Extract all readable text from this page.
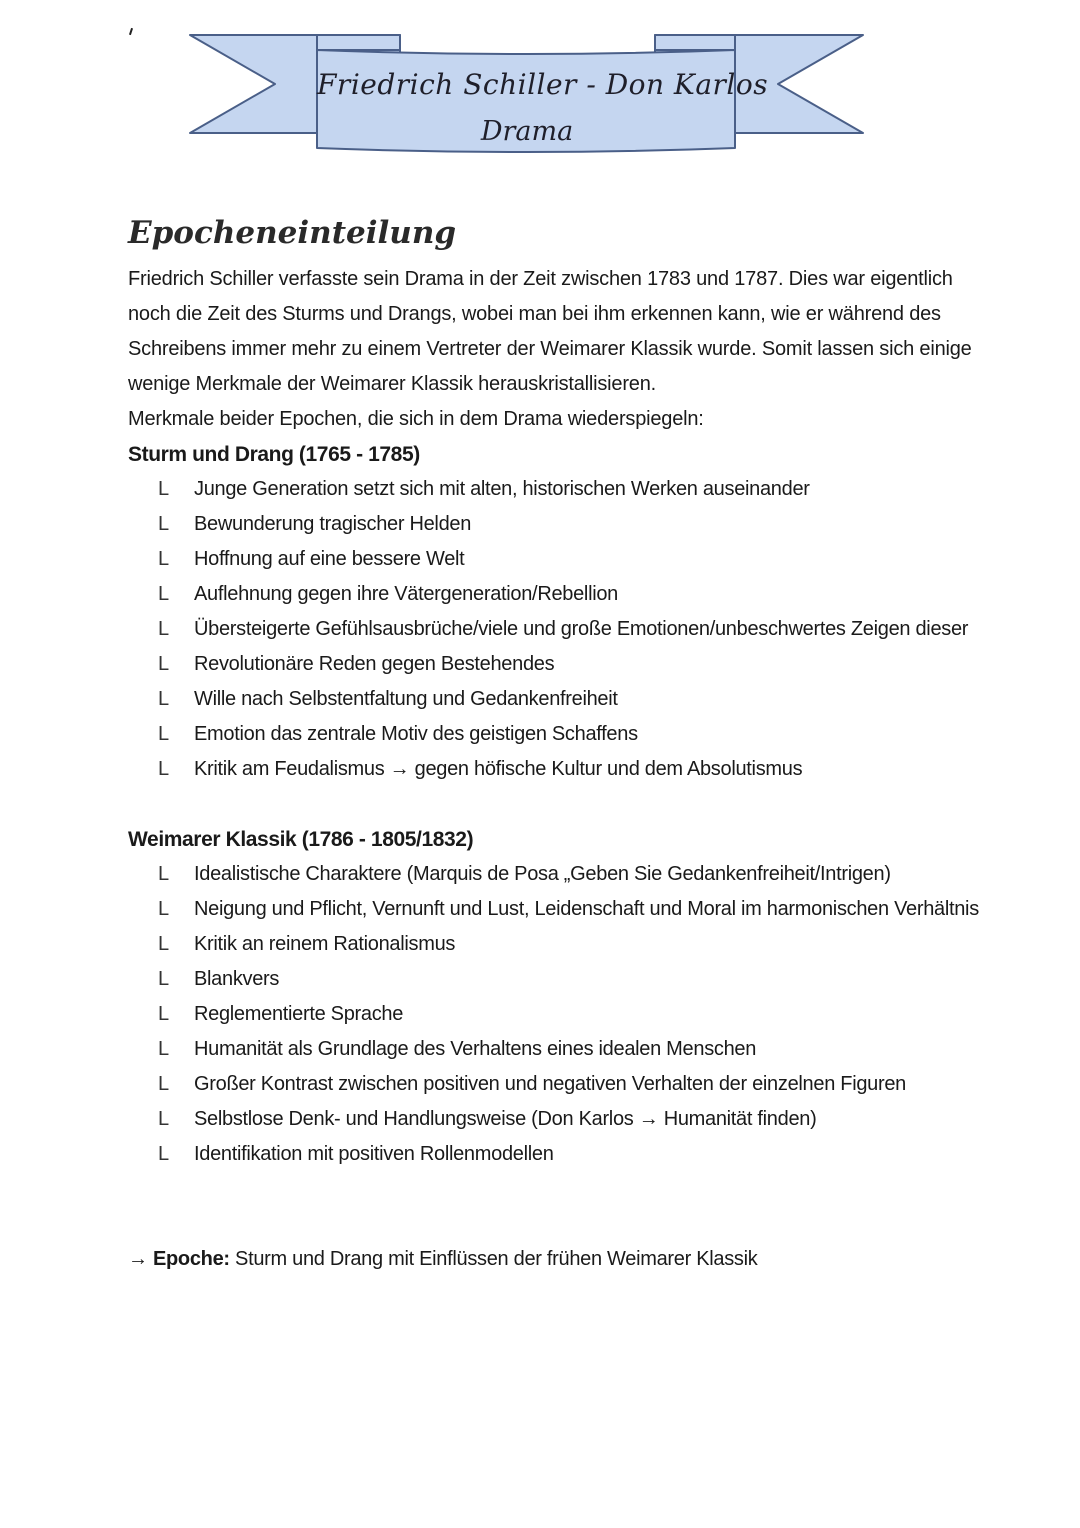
Friedrich Schiller - Don Karlos

Drama

Epocheneinteilung

Friedrich Schiller verfasste sein Drama in der Zeit zwischen 1783 und 1787. Dies war eigentlich

noch die Zeit des Sturms und Drangs, wobei man bei ihm erkennen kann, wie er während des

Schreibens immer mehr zu einem Vertreter der Weimarer Klassik wurde. Somit lassen sich einige

wenige Merkmale der Weimarer Klassik herauskristallisieren.

Merkmale beider Epochen, die sich in dem Drama wiederspiegeln:

Sturm und Drang (1765 - 1785)
L	Junge Generation setzt sich mit alten, historischen Werken auseinander
L	Bewunderung tragischer Helden
L	Hoffnung auf eine bessere Welt
L	Auflehnung gegen ihre Vätergeneration/Rebellion
L	Übersteigerte Gefühlsausbrüche/viele und große Emotionen/unbeschwertes Zeigen dieser
L	Revolutionäre Reden gegen Bestehendes
L	Wille nach Selbstentfaltung und Gedankenfreiheit
L	Emotion das zentrale Motiv des geistigen Schaffens
L	Kritik am Feudalismus → gegen höfische Kultur und dem Absolutismus
Weimarer Klassik (1786 - 1805/1832)
L	Idealistische Charaktere (Marquis de Posa „Geben Sie Gedankenfreiheit/Intrigen)
L	Neigung und Pflicht, Vernunft und Lust, Leidenschaft und Moral im harmonischen Verhältnis
L	Kritik an reinem Rationalismus
L	Blankvers
L	Reglementierte Sprache
L	Humanität als Grundlage des Verhaltens eines idealen Menschen
L	Großer Kontrast zwischen positiven und negativen Verhalten der einzelnen Figuren
L	Selbstlose Denk- und Handlungsweise (Don Karlos → Humanität finden)
L	Identifikation mit positiven Rollenmodellen

→ Epoche: Sturm und Drang mit Einflüssen der frühen Weimarer Klassik
